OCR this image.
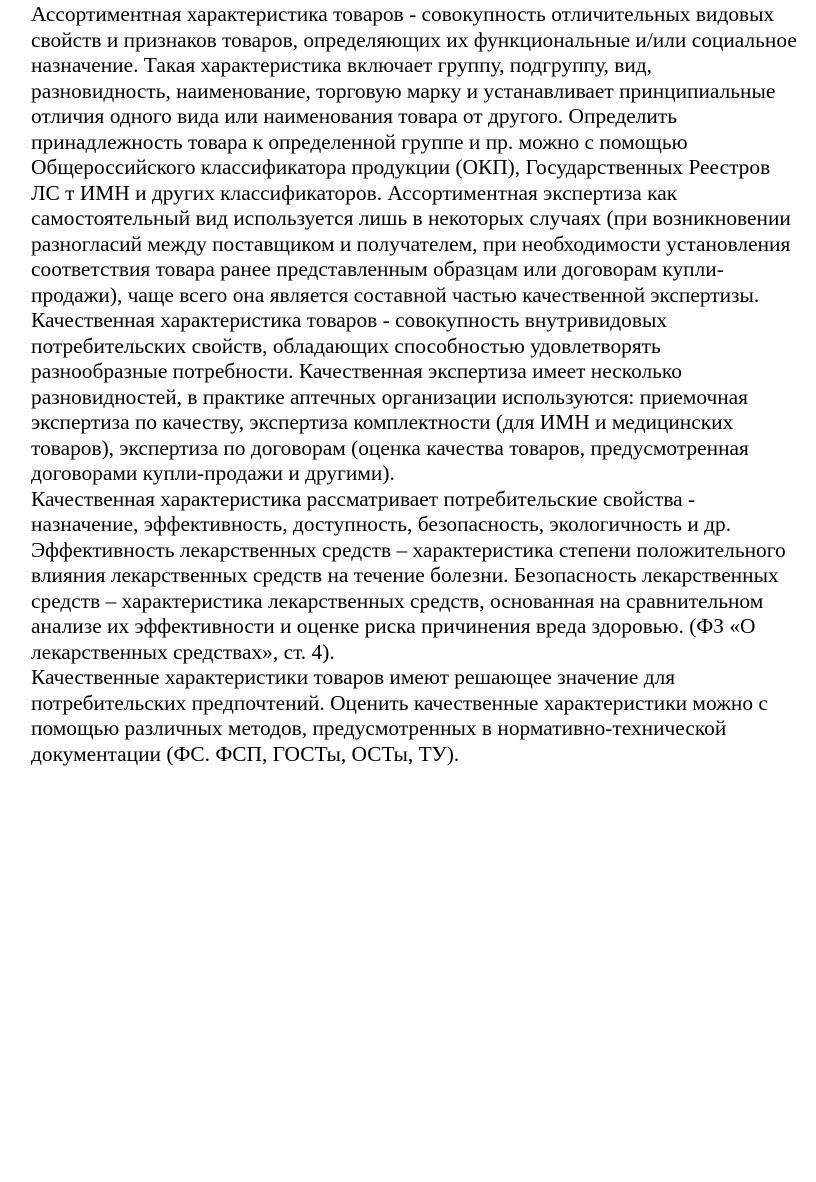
Ассортиментная характеристика товаров - совокупность отличительных видовых
свойств и признаков товаров, определяющих их функциональные и/или социальное
назначение. Такая характеристика включает группу, подгруппу, вид,
разновидность, наименование, торговую марку и устанавливает принципиальные
отличия одного вида или наименования товара от другого. Определить
принадлежность товара к определенной группе и пр. можно с помощью
Общероссийского классификатора продукции (ОКП), Государственных Реестров
ЛС т ИМН и других классификаторов. Ассортиментная экспертиза как
самостоятельный вид используется лишь в некоторых случаях (при возникновении
разногласий между поставщиком и получателем, при необходимости установления
соответствия товара ранее представленным образцам или договорам купли-
продажи), чаще всего она является составной частью качественной экспертизы.

Качественная характеристика товаров - совокупность внутривидовых
потребительских свойств, обладающих способностью удовлетворять
разнообразные потребности. Качественная экспертиза имеет несколько
разновидностей, в практике аптечных организации используются: приемочная
экспертиза по качеству, экспертиза комплектности (для ИМН и медицинских
товаров), экспертиза по договорам (оценка качества товаров, предусмотренная
договорами купли-продажи и другими).

Качественная характеристика рассматривает потребительские свойства -
назначение, эффективность, доступность, безопасность, экологичность и др.
Эффективность лекарственных средств – характеристика степени положительного
влияния лекарственных средств на течение болезни. Безопасность лекарственных
средств – характеристика лекарственных средств, основанная на сравнительном
анализе их эффективности и оценке риска причинения вреда здоровью. (ФЗ «О
лекарственных средствах», ст. 4).

Качественные характеристики товаров имеют решающее значение для
потребительских предпочтений. Оценить качественные характеристики можно с
помощью различных методов, предусмотренных в нормативно-технической
документации (ФС. ФСП, ГОСТы, ОСТы, ТУ).
